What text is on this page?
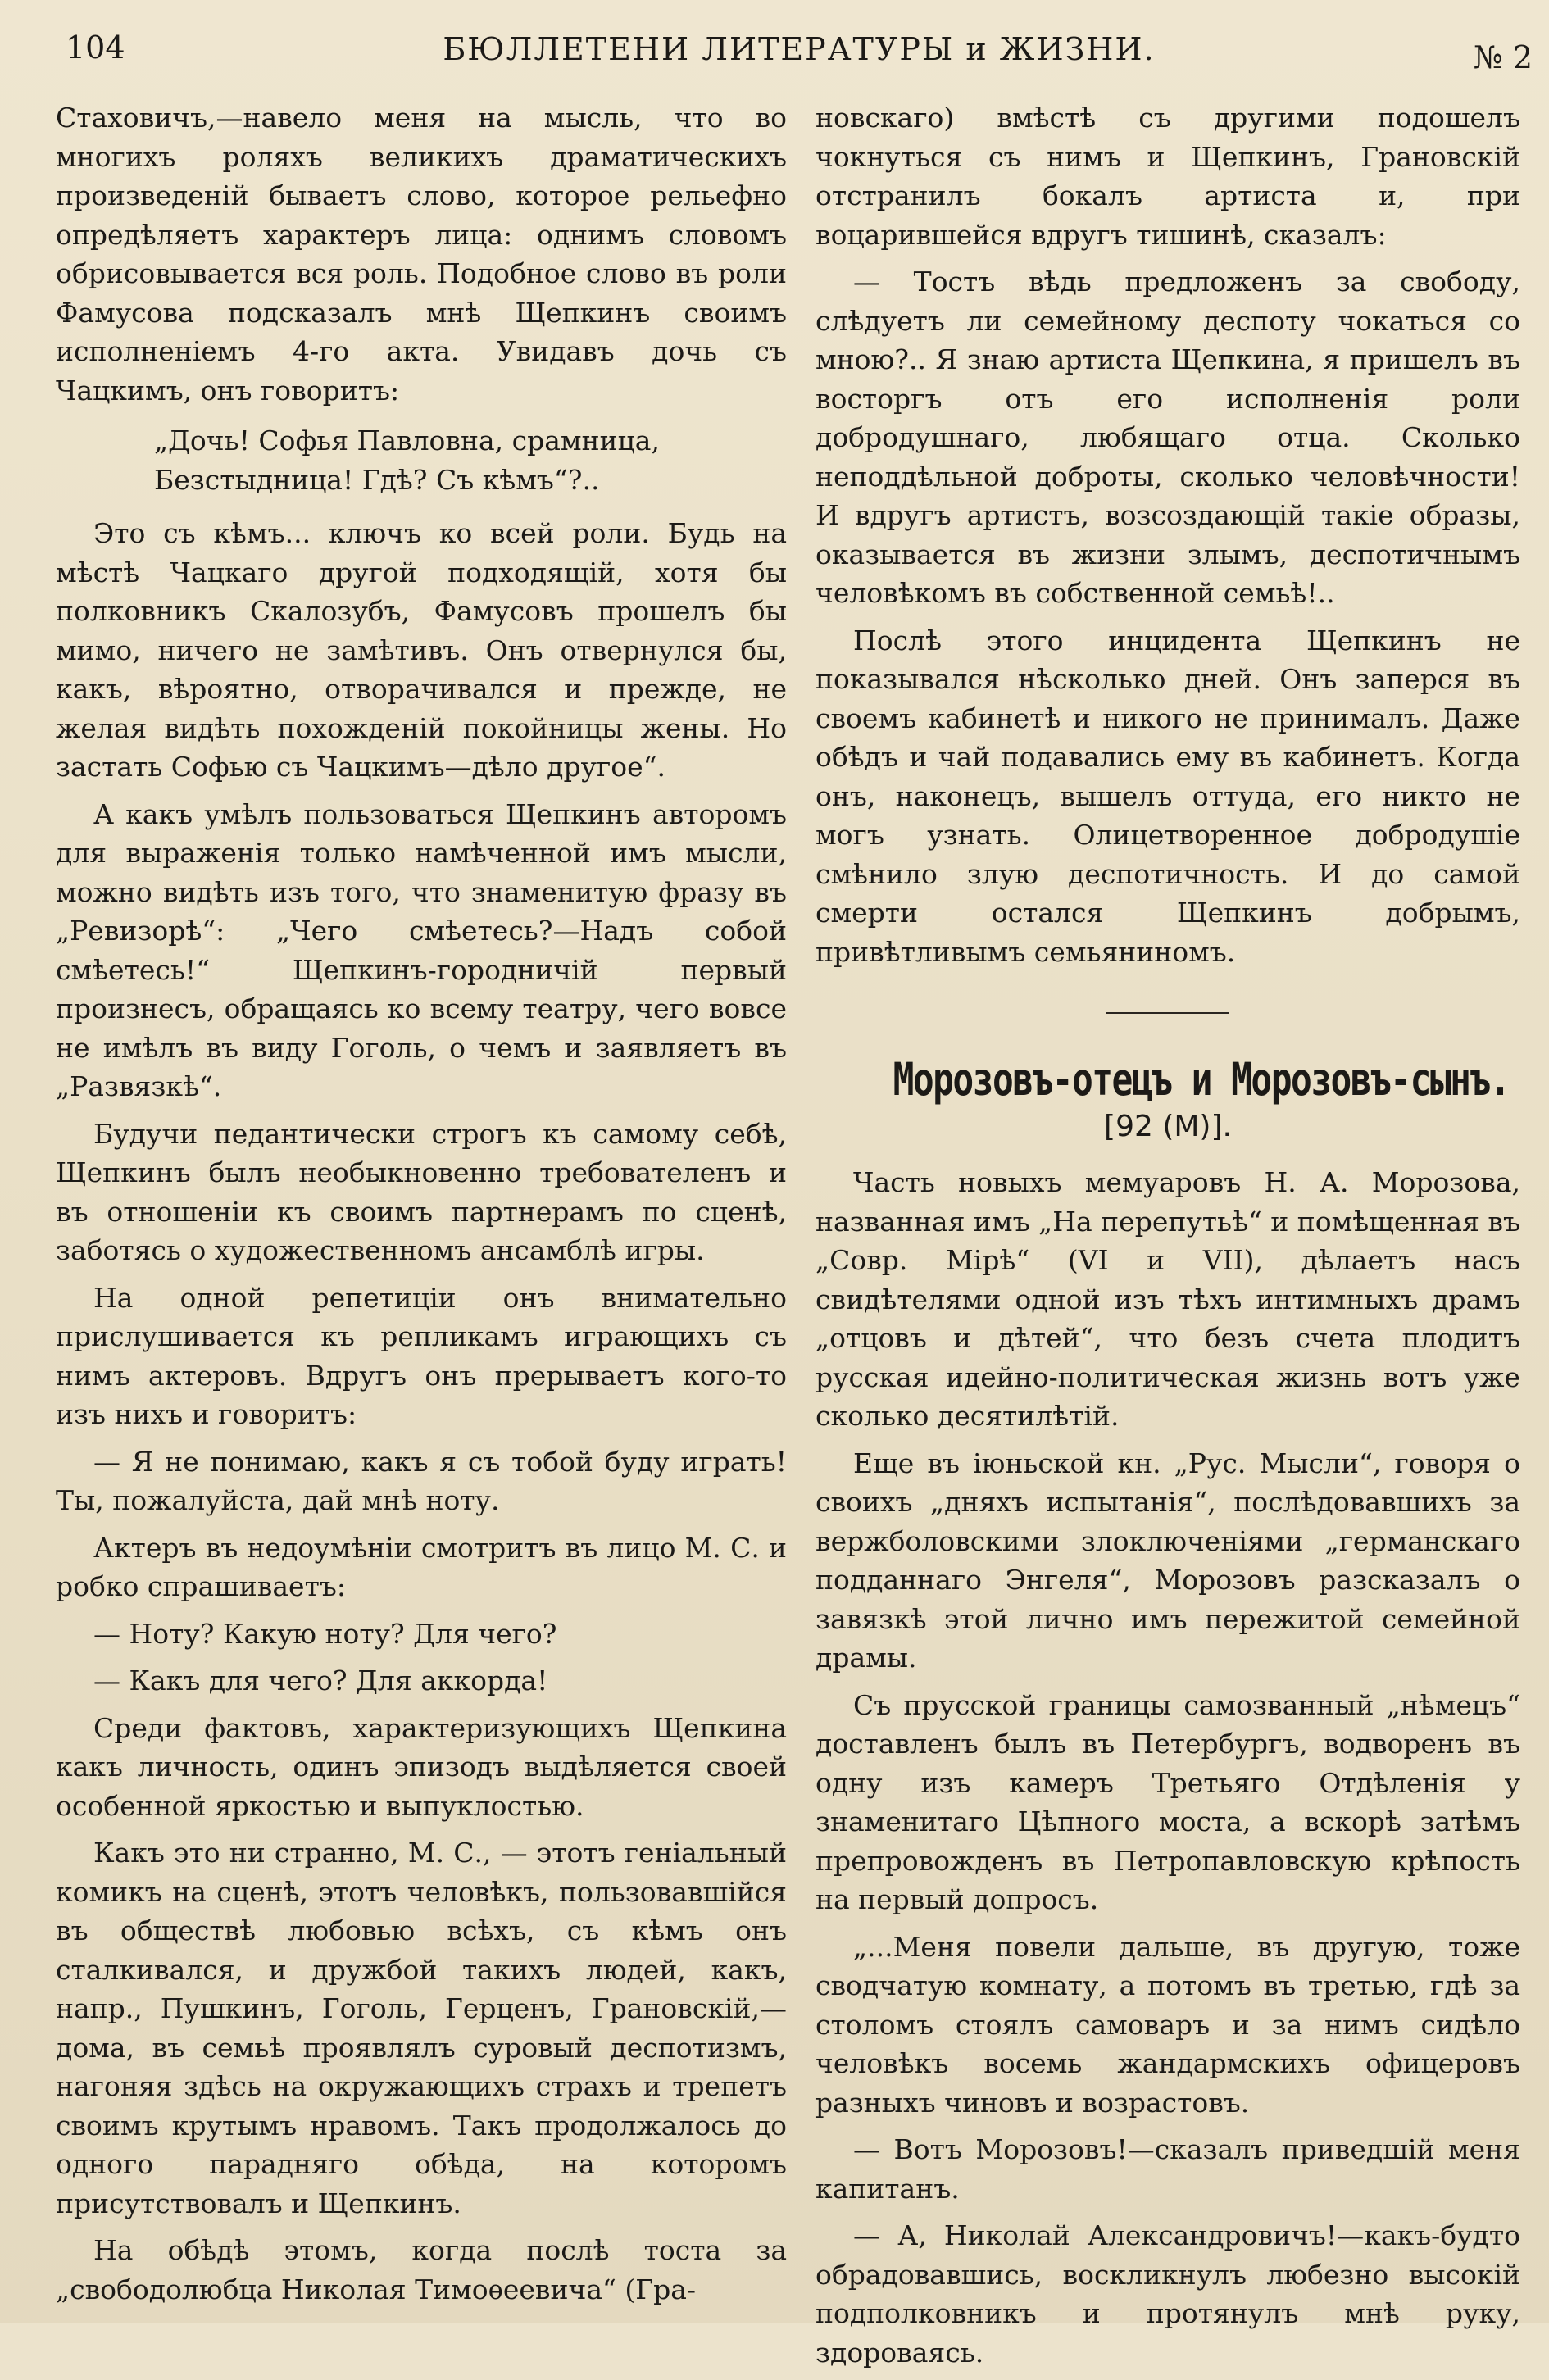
104	БЮЛЛЕТЕНИ ЛИТЕРАТУРЫ и ЖИЗНИ.	№ 2

Стаховичъ,—навело меня на мысль, что во многихъ роляхъ великихъ драматическихъ произведенiй бываетъ слово, которое рельефно опредѣляетъ характеръ лица: однимъ словомъ обрисовывается вся роль. Подобное слово въ роли Фамусова подсказалъ мнѣ Щепкинъ своимъ исполненiемъ 4-го акта. Увидавъ дочь съ Чацкимъ, онъ говоритъ:

„Дочь! Софья Павловна, срамница, Безстыдница! Гдѣ? Съ кѣмъ“?..

Это съ кѣмъ... ключъ ко всей роли. Будь на мѣстѣ Чацкаго другой подходящiй, хотя бы полковникъ Скалозубъ, Фамусовъ прошелъ бы мимо, ничего не замѣтивъ. Онъ отвернулся бы, какъ, вѣроятно, отворачивался и прежде, не желая видѣть похожденiй покойницы жены. Но застать Софью съ Чацкимъ—дѣло другое“.

А какъ умѣлъ пользоваться Щепкинъ авторомъ для выраженiя только намѣченной имъ мысли, можно видѣть изъ того, что знаменитую фразу въ „Ревизорѣ“: „Чего смѣетесь?—Надъ собой смѣетесь!“ Щепкинъ-городничiй первый произнесъ, обращаясь ко всему театру, чего вовсе не имѣлъ въ виду Гоголь, о чемъ и заявляетъ въ „Развязкѣ“.

Будучи педантически строгъ къ самому себѣ, Щепкинъ былъ необыкновенно требователенъ и въ отношенiи къ своимъ партнерамъ по сценѣ, заботясь о художественномъ ансамблѣ игры.

На одной репетицiи онъ внимательно прислушивается къ репликамъ играющихъ съ нимъ актеровъ. Вдругъ онъ прерываетъ кого-то изъ нихъ и говоритъ:

— Я не понимаю, какъ я съ тобой буду играть! Ты, пожалуйста, дай мнѣ ноту.

Актеръ въ недоумѣнiи смотритъ въ лицо М. С. и робко спрашиваетъ:

— Ноту? Какую ноту? Для чего?

— Какъ для чего? Для аккорда!

Среди фактовъ, характеризующихъ Щепкина какъ личность, одинъ эпизодъ выдѣляется своей особенной яркостью и выпуклостью.

Какъ это ни странно, М. С., — этотъ генiальный комикъ на сценѣ, этотъ человѣкъ, пользовавшiйся въ обществѣ любовью всѣхъ, съ кѣмъ онъ сталкивался, и дружбой такихъ людей, какъ, напр., Пушкинъ, Гоголь, Герценъ, Грановскiй,—дома, въ семьѣ проявлялъ суровый деспотизмъ, нагоняя здѣсь на окружающихъ страхъ и трепетъ своимъ крутымъ нравомъ. Такъ продолжалось до одного парадняго обѣда, на которомъ присутствовалъ и Щепкинъ.

На обѣдѣ этомъ, когда послѣ тоста за „свободолюбца Николая Тимоѳеевича“ (Гра-

новскаго) вмѣстѣ съ другими подошелъ чокнуться съ нимъ и Щепкинъ, Грановскiй отстранилъ бокалъ артиста и, при воцарившейся вдругъ тишинѣ, сказалъ:

— Тостъ вѣдь предложенъ за свободу, слѣдуетъ ли семейному деспоту чокаться со мною?.. Я знаю артиста Щепкина, я пришелъ въ восторгъ отъ его исполненiя роли добродушнаго, любящаго отца. Сколько неподдѣльной доброты, сколько человѣчности! И вдругъ артистъ, возсоздающiй такiе образы, оказывается въ жизни злымъ, деспотичнымъ человѣкомъ въ собственной семьѣ!..

Послѣ этого инцидента Щепкинъ не показывался нѣсколько дней. Онъ заперся въ своемъ кабинетѣ и никого не принималъ. Даже обѣдъ и чай подавались ему въ кабинетъ. Когда онъ, наконецъ, вышелъ оттуда, его никто не могъ узнать. Олицетворенное добродушiе смѣнило злую деспотичность. И до самой смерти остался Щепкинъ добрымъ, привѣтливымъ семьяниномъ.

Морозовъ-отецъ и Морозовъ-сынъ.
[92 (М)].

Часть новыхъ мемуаровъ Н. А. Морозова, названная имъ „На перепутьѣ“ и помѣщенная въ „Совр. Мiрѣ“ (VI и VII), дѣлаетъ насъ свидѣтелями одной изъ тѣхъ интимныхъ драмъ „отцовъ и дѣтей“, что безъ счета плодитъ русская идейно-политическая жизнь вотъ уже сколько десятилѣтiй.

Еще въ iюньской кн. „Рус. Мысли“, говоря о своихъ „дняхъ испытанiя“, послѣдовавшихъ за вержболовскими злоключенiями „германскаго подданнаго Энгеля“, Морозовъ разсказалъ о завязкѣ этой лично имъ пережитой семейной драмы.

Съ прусской границы самозванный „нѣмецъ“ доставленъ былъ въ Петербургъ, водворенъ въ одну изъ камеръ Третьяго Отдѣленiя у знаменитаго Цѣпного моста, а вскорѣ затѣмъ препровожденъ въ Петропавловскую крѣпость на первый допросъ.

„...Меня повели дальше, въ другую, тоже сводчатую комнату, а потомъ въ третью, гдѣ за столомъ стоялъ самоваръ и за нимъ сидѣло человѣкъ восемь жандармскихъ офицеровъ разныхъ чиновъ и возрастовъ.

— Вотъ Морозовъ!—сказалъ приведшiй меня капитанъ.

— А, Николай Александровичъ!—какъ-будто обрадовавшись, воскликнулъ любезно высокiй подполковникъ и протянулъ мнѣ руку, здороваясь.
